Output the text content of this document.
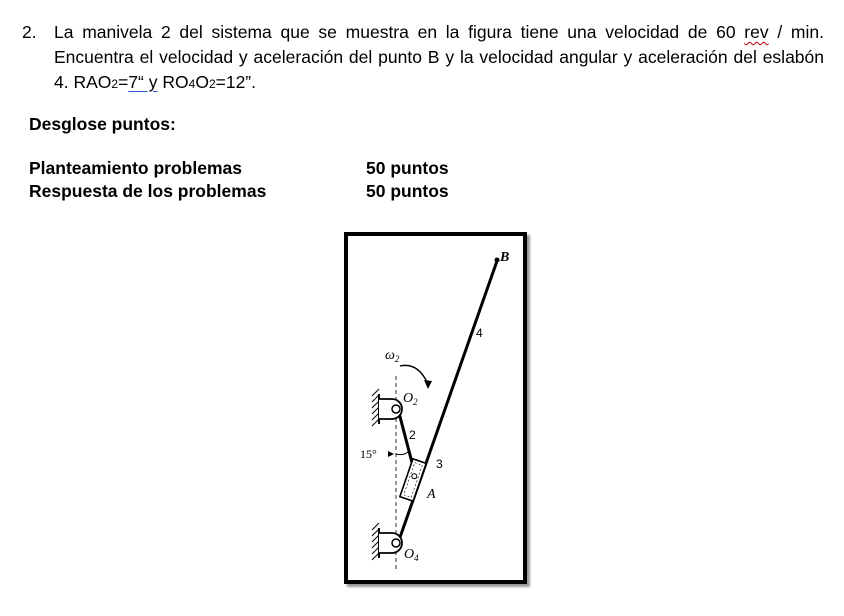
2. La manivela 2 del sistema que se muestra en la figura tiene una velocidad de 60 rev / min. Encuentra el velocidad y aceleración del punto B y la velocidad angular y aceleración del eslabón 4. RAO2=7“ y RO4O2=12”.
Desglose puntos:
Planteamiento problemas	50 puntos
Respuesta de los problemas	50 puntos
B
4
$\omega_2$
$O_2$
2
15°
3
A
$O_4$
